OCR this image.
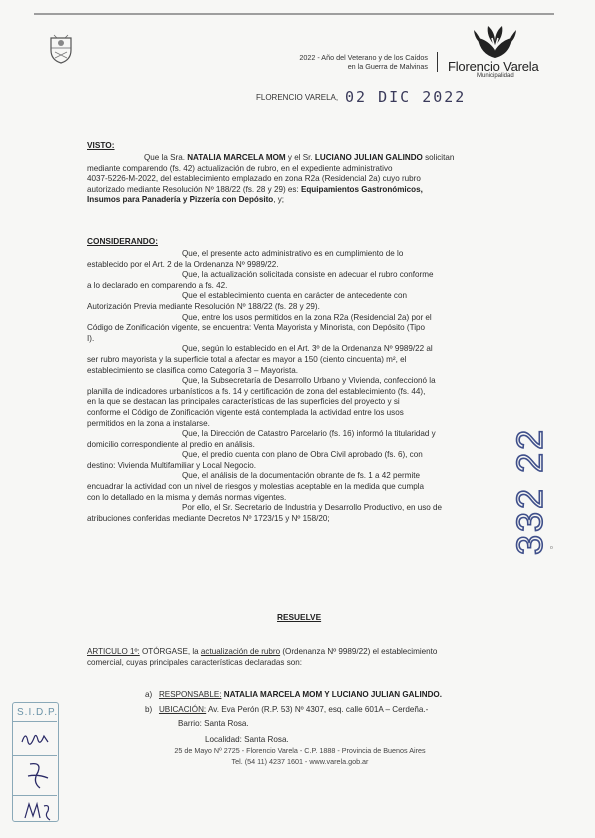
2022 - Año del Veterano y de los Caídos
en la Guerra de Malvinas Florencio Varela
Municipalidad
FLORENCIO VARELA, 02 DIC 2022
VISTO:
Que la Sra. NATALIA MARCELA MOM y el Sr. LUCIANO JULIAN GALINDO solicitan
mediante comparendo (fs. 42) actualización de rubro, en el expediente administrativo
4037-5226-M-2022, del establecimiento emplazado en zona R2a (Residencial 2a) cuyo rubro
autorizado mediante Resolución Nº 188/22 (fs. 28 y 29) es: Equipamientos Gastronómicos,
Insumos para Panadería y Pizzería con Depósito, y;
CONSIDERANDO:
Que, el presente acto administrativo es en cumplimiento de lo
establecido por el Art. 2 de la Ordenanza Nº 9989/22.
Que, la actualización solicitada consiste en adecuar el rubro conforme
a lo declarado en comparendo a fs. 42.
Que el establecimiento cuenta en carácter de antecedente con
Autorización Previa mediante Resolución Nº 188/22 (fs. 28 y 29).
Que, entre los usos permitidos en la zona R2a (Residencial 2a) por el
Código de Zonificación vigente, se encuentra: Venta Mayorista y Minorista, con Depósito (Tipo
I).
Que, según lo establecido en el Art. 3º de la Ordenanza Nº 9989/22 al
ser rubro mayorista y la superficie total a afectar es mayor a 150 (ciento cincuenta) m², el
establecimiento se clasifica como Categoría 3 – Mayorista.
Que, la Subsecretaría de Desarrollo Urbano y Vivienda, confeccionó la
planilla de indicadores urbanísticos a fs. 14 y certificación de zona del establecimiento (fs. 44),
en la que se destacan las principales características de las superficies del proyecto y si
conforme el Código de Zonificación vigente está contemplada la actividad entre los usos
permitidos en la zona a instalarse.
Que, la Dirección de Catastro Parcelario (fs. 16) informó la titularidad y
domicilio correspondiente al predio en análisis.
Que, el predio cuenta con plano de Obra Civil aprobado (fs. 6), con
destino: Vivienda Multifamiliar y Local Negocio.
Que, el análisis de la documentación obrante de fs. 1 a 42 permite
encuadrar la actividad con un nivel de riesgos y molestias aceptable en la medida que cumpla
con lo detallado en la misma y demás normas vigentes.
Por ello, el Sr. Secretario de Industria y Desarrollo Productivo, en uso de
atribuciones conferidas mediante Decretos Nº 1723/15 y Nº 158/20;
RESUELVE
ARTICULO 1º: OTÓRGASE, la actualización de rubro (Ordenanza Nº 9989/22) el establecimiento
comercial, cuyas principales características declaradas son:
a) RESPONSABLE: NATALIA MARCELA MOM Y LUCIANO JULIAN GALINDO.
b) UBICACIÓN: Av. Eva Perón (R.P. 53) Nº 4307, esq. calle 601A – Cerdeña.-
Barrio: Santa Rosa.
Localidad: Santa Rosa.
25 de Mayo Nº 2725 - Florencio Varela - C.P. 1888 - Provincia de Buenos Aires
Tel. (54 11) 4237 1601 - www.varela.gob.ar
332 22 o
S.I.D.P.
